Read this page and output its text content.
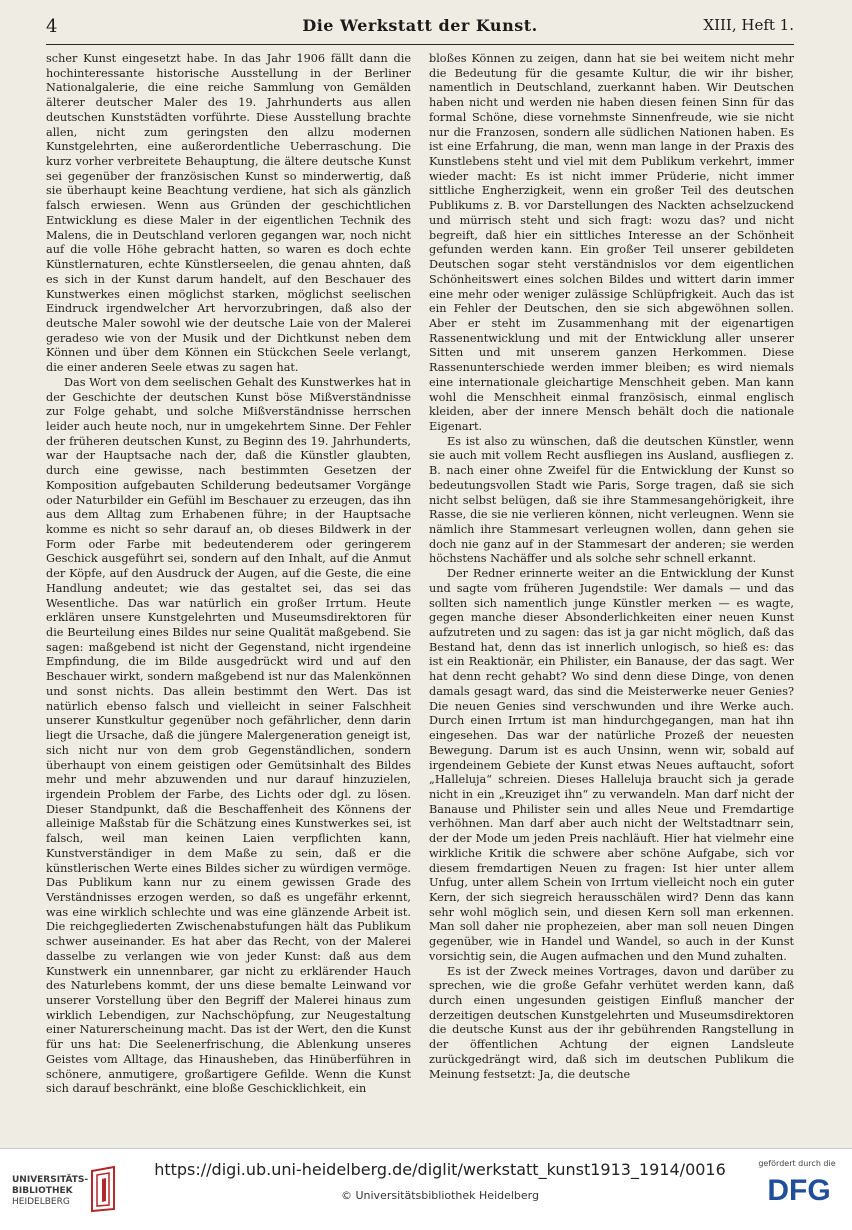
4	Die Werkstatt der Kunst.	XIII, Heft 1.

scher Kunst eingesetzt habe. In das Jahr 1906 fällt dann die hochinteressante historische Ausstellung in der Berliner Nationalgalerie, die eine reiche Sammlung von Gemälden älterer deutscher Maler des 19. Jahrhunderts aus allen deutschen Kunststädten vorführte. Diese Ausstellung brachte allen, nicht zum geringsten den allzu modernen Kunstgelehrten, eine außerordentliche Ueberraschung. Die kurz vorher verbreitete Behauptung, die ältere deutsche Kunst sei gegenüber der französischen Kunst so minderwertig, daß sie überhaupt keine Beachtung verdiene, hat sich als gänzlich falsch erwiesen. Wenn aus Gründen der geschichtlichen Entwicklung es diese Maler in der eigentlichen Technik des Malens, die in Deutschland verloren gegangen war, noch nicht auf die volle Höhe gebracht hatten, so waren es doch echte Künstlernaturen, echte Künstlerseelen, die genau ahnten, daß es sich in der Kunst darum handelt, auf den Beschauer des Kunstwerkes einen möglichst starken, möglichst seelischen Eindruck irgendwelcher Art hervorzubringen, daß also der deutsche Maler sowohl wie der deutsche Laie von der Malerei geradeso wie von der Musik und der Dichtkunst neben dem Können und über dem Können ein Stückchen Seele verlangt, die einer anderen Seele etwas zu sagen hat.

Das Wort von dem seelischen Gehalt des Kunstwerkes hat in der Geschichte der deutschen Kunst böse Mißverständnisse zur Folge gehabt, und solche Mißverständnisse herrschen leider auch heute noch, nur in umgekehrtem Sinne. Der Fehler der früheren deutschen Kunst, zu Beginn des 19. Jahrhunderts, war der Hauptsache nach der, daß die Künstler glaubten, durch eine gewisse, nach bestimmten Gesetzen der Komposition aufgebauten Schilderung bedeutsamer Vorgänge oder Naturbilder ein Gefühl im Beschauer zu erzeugen, das ihn aus dem Alltag zum Erhabenen führe; in der Hauptsache komme es nicht so sehr darauf an, ob dieses Bildwerk in der Form oder Farbe mit bedeutenderem oder geringerem Geschick ausgeführt sei, sondern auf den Inhalt, auf die Anmut der Köpfe, auf den Ausdruck der Augen, auf die Geste, die eine Handlung andeutet; wie das gestaltet sei, das sei das Wesentliche. Das war natürlich ein großer Irrtum. Heute erklären unsere Kunstgelehrten und Museumsdirektoren für die Beurteilung eines Bildes nur seine Qualität maßgebend. Sie sagen: maßgebend ist nicht der Gegenstand, nicht irgendeine Empfindung, die im Bilde ausgedrückt wird und auf den Beschauer wirkt, sondern maßgebend ist nur das Malenkönnen und sonst nichts. Das allein bestimmt den Wert. Das ist natürlich ebenso falsch und vielleicht in seiner Falschheit unserer Kunstkultur gegenüber noch gefährlicher, denn darin liegt die Ursache, daß die jüngere Malergeneration geneigt ist, sich nicht nur von dem grob Gegenständlichen, sondern überhaupt von einem geistigen oder Gemütsinhalt des Bildes mehr und mehr abzuwenden und nur darauf hinzuzielen, irgendein Problem der Farbe, des Lichts oder dgl. zu lösen. Dieser Standpunkt, daß die Beschaffenheit des Könnens der alleinige Maßstab für die Schätzung eines Kunstwerkes sei, ist falsch, weil man keinen Laien verpflichten kann, Kunstverständiger in dem Maße zu sein, daß er die künstlerischen Werte eines Bildes sicher zu würdigen vermöge. Das Publikum kann nur zu einem gewissen Grade des Verständnisses erzogen werden, so daß es ungefähr erkennt, was eine wirklich schlechte und was eine glänzende Arbeit ist. Die reichgegliederten Zwischenabstufungen hält das Publikum schwer auseinander. Es hat aber das Recht, von der Malerei dasselbe zu verlangen wie von jeder Kunst: daß aus dem Kunstwerk ein unnennbarer, gar nicht zu erklärender Hauch des Naturlebens kommt, der uns diese bemalte Leinwand vor unserer Vorstellung über den Begriff der Malerei hinaus zum wirklich Lebendigen, zur Nachschöpfung, zur Neugestaltung einer Naturerscheinung macht. Das ist der Wert, den die Kunst für uns hat: Die Seelenerfrischung, die Ablenkung unseres Geistes vom Alltage, das Hinausheben, das Hinüberführen in schönere, anmutigere, großartigere Gefilde. Wenn die Kunst sich darauf beschränkt, eine bloße Geschicklichkeit, ein

bloßes Können zu zeigen, dann hat sie bei weitem nicht mehr die Bedeutung für die gesamte Kultur, die wir ihr bisher, namentlich in Deutschland, zuerkannt haben. Wir Deutschen haben nicht und werden nie haben diesen feinen Sinn für das formal Schöne, diese vornehmste Sinnenfreude, wie sie nicht nur die Franzosen, sondern alle südlichen Nationen haben. Es ist eine Erfahrung, die man, wenn man lange in der Praxis des Kunstlebens steht und viel mit dem Publikum verkehrt, immer wieder macht: Es ist nicht immer Prüderie, nicht immer sittliche Engherzigkeit, wenn ein großer Teil des deutschen Publikums z. B. vor Darstellungen des Nackten achselzuckend und mürrisch steht und sich fragt: wozu das? und nicht begreift, daß hier ein sittliches Interesse an der Schönheit gefunden werden kann. Ein großer Teil unserer gebildeten Deutschen sogar steht verständnislos vor dem eigentlichen Schönheitswert eines solchen Bildes und wittert darin immer eine mehr oder weniger zulässige Schlüpfrigkeit. Auch das ist ein Fehler der Deutschen, den sie sich abgewöhnen sollen. Aber er steht im Zusammenhang mit der eigenartigen Rassenentwicklung und mit der Entwicklung aller unserer Sitten und mit unserem ganzen Herkommen. Diese Rassenunterschiede werden immer bleiben; es wird niemals eine internationale gleichartige Menschheit geben. Man kann wohl die Menschheit einmal französisch, einmal englisch kleiden, aber der innere Mensch behält doch die nationale Eigenart.

Es ist also zu wünschen, daß die deutschen Künstler, wenn sie auch mit vollem Recht ausfliegen ins Ausland, ausfliegen z. B. nach einer ohne Zweifel für die Entwicklung der Kunst so bedeutungsvollen Stadt wie Paris, Sorge tragen, daß sie sich nicht selbst belügen, daß sie ihre Stammesangehörigkeit, ihre Rasse, die sie nie verlieren können, nicht verleugnen. Wenn sie nämlich ihre Stammesart verleugnen wollen, dann gehen sie doch nie ganz auf in der Stammesart der anderen; sie werden höchstens Nachäffer und als solche sehr schnell erkannt.

Der Redner erinnerte weiter an die Entwicklung der Kunst und sagte vom früheren Jugendstile: Wer damals — und das sollten sich namentlich junge Künstler merken — es wagte, gegen manche dieser Absonderlichkeiten einer neuen Kunst aufzutreten und zu sagen: das ist ja gar nicht möglich, daß das Bestand hat, denn das ist innerlich unlogisch, so hieß es: das ist ein Reaktionär, ein Philister, ein Banause, der das sagt. Wer hat denn recht gehabt? Wo sind denn diese Dinge, von denen damals gesagt ward, das sind die Meisterwerke neuer Genies? Die neuen Genies sind verschwunden und ihre Werke auch. Durch einen Irrtum ist man hindurchgegangen, man hat ihn eingesehen. Das war der natürliche Prozeß der neuesten Bewegung. Darum ist es auch Unsinn, wenn wir, sobald auf irgendeinem Gebiete der Kunst etwas Neues auftaucht, sofort „Halleluja“ schreien. Dieses Halleluja braucht sich ja gerade nicht in ein „Kreuziget ihn“ zu verwandeln. Man darf nicht der Banause und Philister sein und alles Neue und Fremdartige verhöhnen. Man darf aber auch nicht der Weltstadtnarr sein, der der Mode um jeden Preis nachläuft. Hier hat vielmehr eine wirkliche Kritik die schwere aber schöne Aufgabe, sich vor diesem fremdartigen Neuen zu fragen: Ist hier unter allem Unfug, unter allem Schein von Irrtum vielleicht noch ein guter Kern, der sich siegreich herausschälen wird? Denn das kann sehr wohl möglich sein, und diesen Kern soll man erkennen. Man soll daher nie prophezeien, aber man soll neuen Dingen gegenüber, wie in Handel und Wandel, so auch in der Kunst vorsichtig sein, die Augen aufmachen und den Mund zuhalten.

Es ist der Zweck meines Vortrages, davon und darüber zu sprechen, wie die große Gefahr verhütet werden kann, daß durch einen ungesunden geistigen Einfluß mancher der derzeitigen deutschen Kunstgelehrten und Museumsdirektoren die deutsche Kunst aus der ihr gebührenden Rangstellung in der öffentlichen Achtung der eignen Landsleute zurückgedrängt wird, daß sich im deutschen Publikum die Meinung festsetzt: Ja, die deutsche

UNIVERSITÄTS-
BIBLIOTHEK
HEIDELBERG
https://digi.ub.uni-heidelberg.de/diglit/werkstatt_kunst1913_1914/0016
© Universitätsbibliothek Heidelberg
gefördert durch die
DFG
